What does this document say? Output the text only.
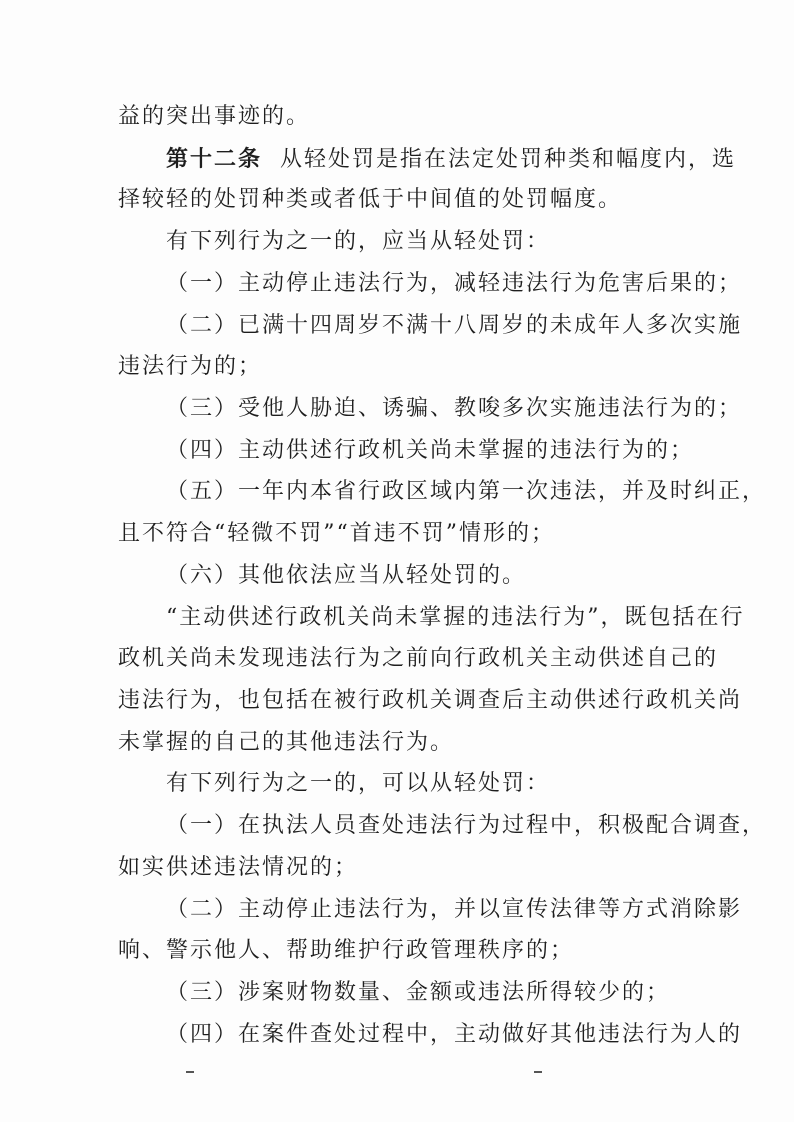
益的突出事迹的。
第十二条 从轻处罚是指在法定处罚种类和幅度内，选
择较轻的处罚种类或者低于中间值的处罚幅度。
有下列行为之一的，应当从轻处罚：
（一）主动停止违法行为，减轻违法行为危害后果的；
（二）已满十四周岁不满十八周岁的未成年人多次实施
违法行为的；
（三）受他人胁迫、诱骗、教唆多次实施违法行为的；
（四）主动供述行政机关尚未掌握的违法行为的；
（五）一年内本省行政区域内第一次违法，并及时纠正，
且不符合“轻微不罚”“首违不罚”情形的；
（六）其他依法应当从轻处罚的。
“主动供述行政机关尚未掌握的违法行为”，既包括在行
政机关尚未发现违法行为之前向行政机关主动供述自己的
违法行为，也包括在被行政机关调查后主动供述行政机关尚
未掌握的自己的其他违法行为。
有下列行为之一的，可以从轻处罚：
（一）在执法人员查处违法行为过程中，积极配合调查，
如实供述违法情况的；
（二）主动停止违法行为，并以宣传法律等方式消除影
响、警示他人、帮助维护行政管理秩序的；
（三）涉案财物数量、金额或违法所得较少的；
（四）在案件查处过程中，主动做好其他违法行为人的
